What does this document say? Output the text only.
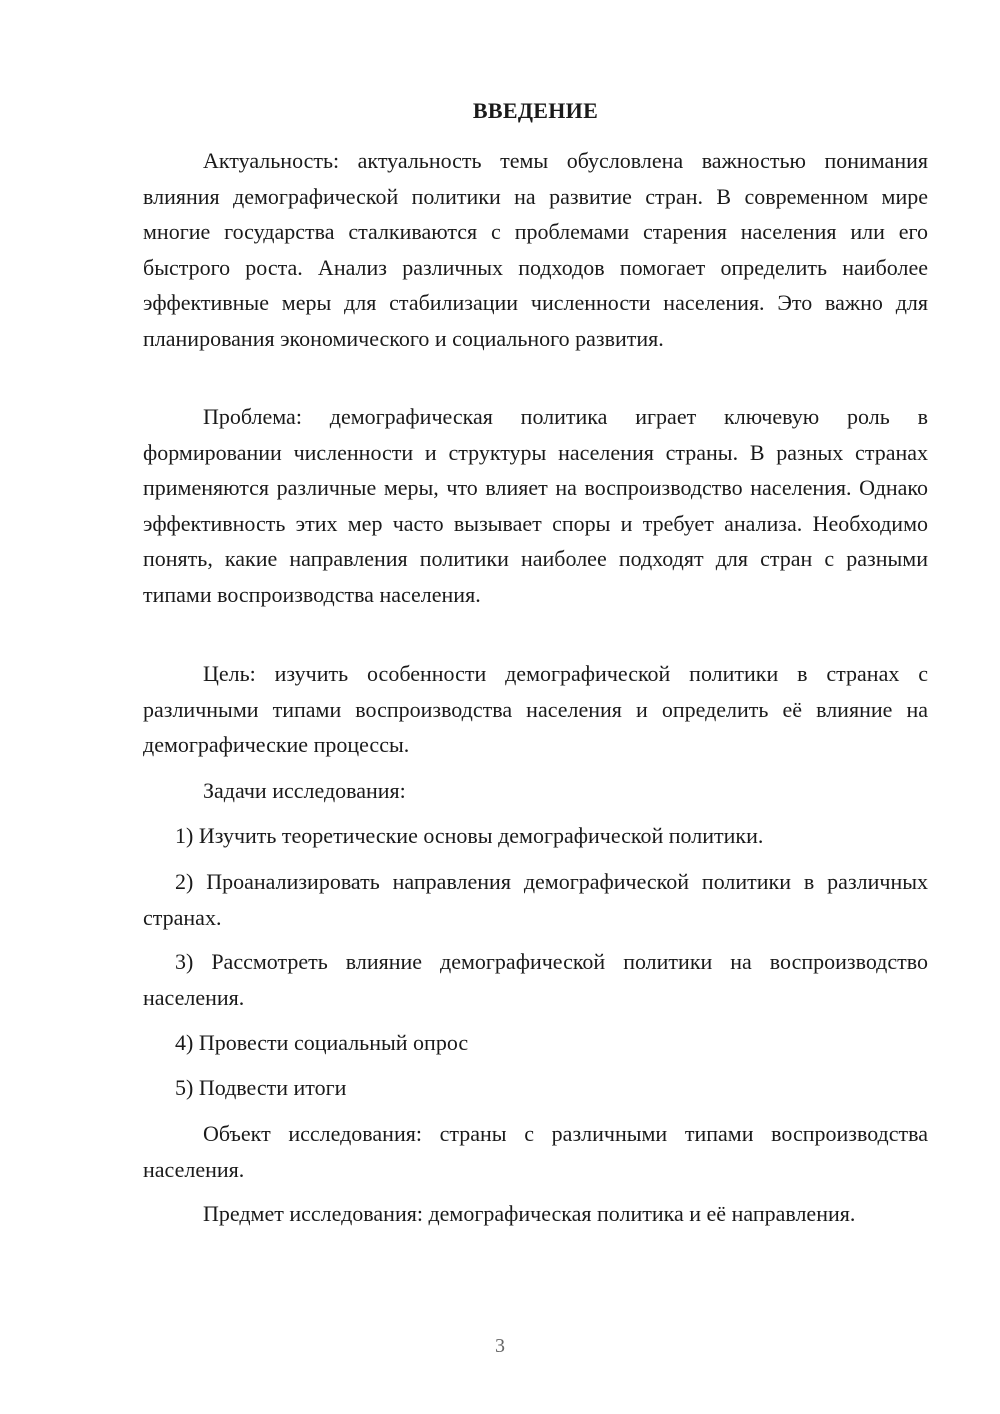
ВВЕДЕНИЕ

Актуальность: актуальность темы обусловлена важностью понимания влияния демографической политики на развитие стран. В современном мире многие государства сталкиваются с проблемами старения населения или его быстрого роста. Анализ различных подходов помогает определить наиболее эффективные меры для стабилизации численности населения. Это важно для планирования экономического и социального развития.

Проблема: демографическая политика играет ключевую роль в формировании численности и структуры населения страны. В разных странах применяются различные меры, что влияет на воспроизводство населения. Однако эффективность этих мер часто вызывает споры и требует анализа. Необходимо понять, какие направления политики наиболее подходят для стран с разными типами воспроизводства населения.

Цель: изучить особенности демографической политики в странах с различными типами воспроизводства населения и определить её влияние на демографические процессы.

Задачи исследования:

1) Изучить теоретические основы демографической политики.

2) Проанализировать направления демографической политики в различных странах.

3) Рассмотреть влияние демографической политики на воспроизводство населения.

4) Провести социальный опрос

5) Подвести итоги

Объект исследования: страны с различными типами воспроизводства населения.

Предмет исследования: демографическая политика и её направления.

3
